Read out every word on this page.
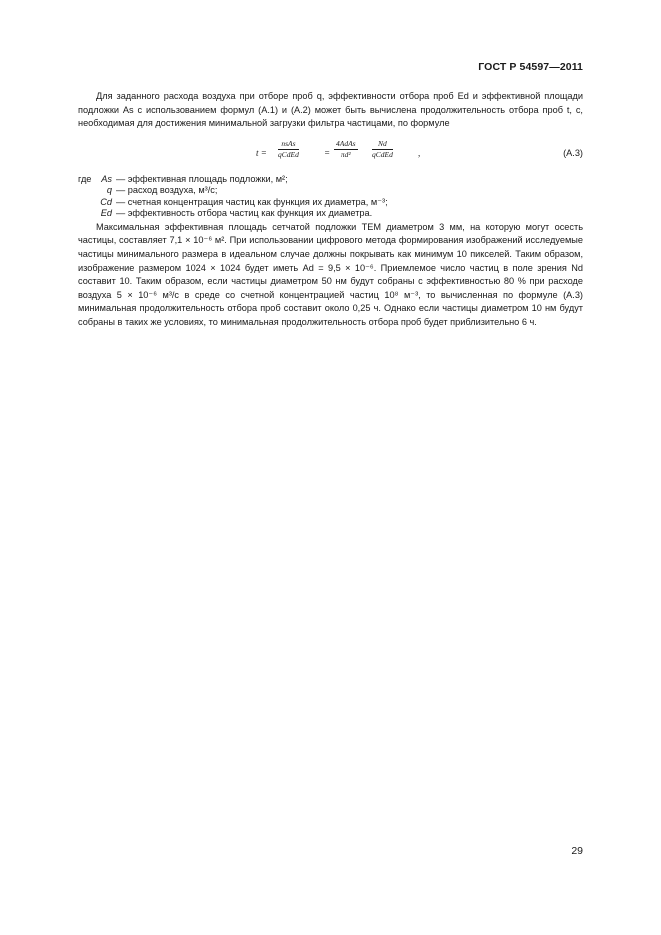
ГОСТ Р 54597—2011

Для заданного расхода воздуха при отборе проб q, эффективности отбора проб Ed и эффективной площади подложки As с использованием формул (А.1) и (А.2) может быть вычислена продолжительность отбора проб t, с, необходимая для достижения минимальной загрузки фильтра частицами, по формуле

t =
nsAs
qCdEd	=
4AdAs
πd²
Nd
qCdEd	,	(А.3)
где	As — эффективная площадь подложки, м²;
q — расход воздуха, м³/с;
Cd — счетная концентрация частиц как функция их диаметра, м⁻³;
Ed — эффективность отбора частиц как функция их диаметра.

Максимальная эффективная площадь сетчатой подложки ТЕМ диаметром 3 мм, на которую могут осесть частицы, составляет 7,1 × 10⁻⁶ м². При использовании цифрового метода формирования изображений исследуемые частицы минимального размера в идеальном случае должны покрывать как минимум 10 пикселей. Таким образом, изображение размером 1024 × 1024 будет иметь Ad = 9,5 × 10⁻⁶. Приемлемое число частиц в поле зрения Nd составит 10. Таким образом, если частицы диаметром 50 нм будут собраны с эффективностью 80 % при расходе воздуха 5 × 10⁻⁶ м³/с в среде со счетной концентрацией частиц 10⁸ м⁻³, то вычисленная по формуле (А.3) минимальная продолжительность отбора проб составит около 0,25 ч. Однако если частицы диаметром 10 нм будут собраны в таких же условиях, то минимальная продолжительность отбора проб будет приблизительно 6 ч.

29
